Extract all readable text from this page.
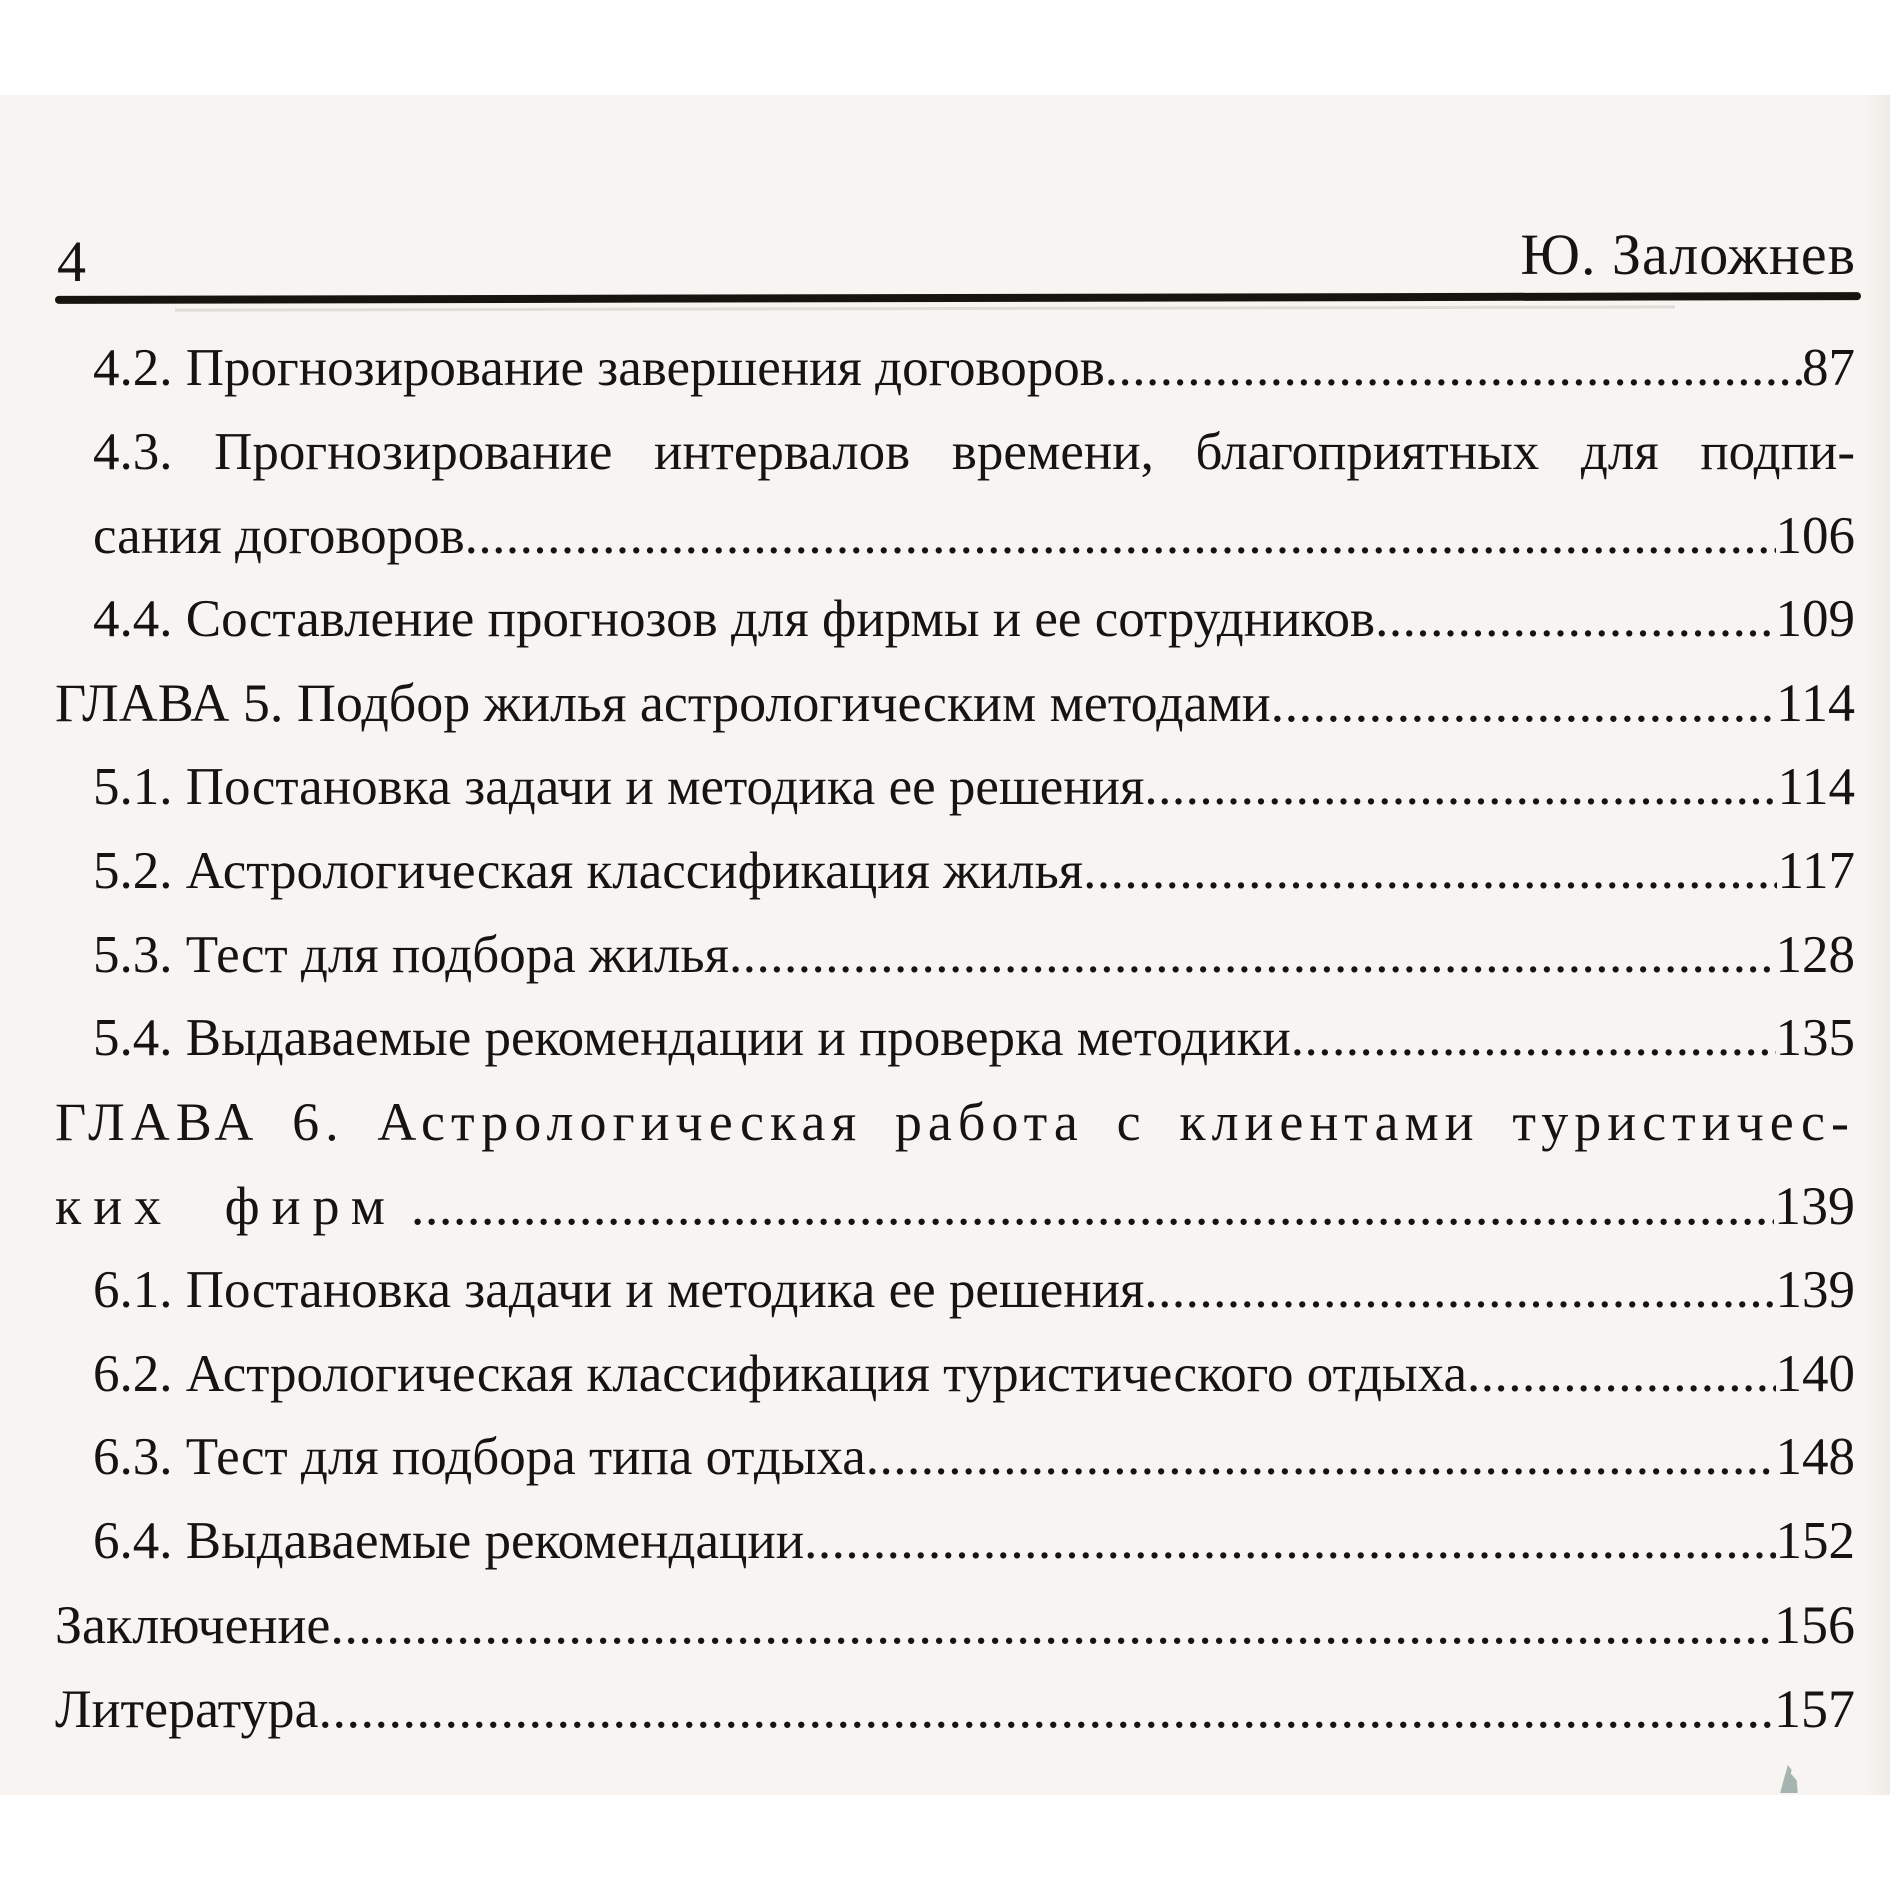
4	Ю. Заложнев
4.2. Прогнозирование завершения договоров .....	87
4.3. Прогнозирование интервалов времени, благоприятных для подпи-
сания договоров .....	106
4.4. Составление прогнозов для фирмы и ее сотрудников .....	109
ГЛАВА 5. Подбор жилья астрологическим методами .....	114
5.1. Постановка задачи и методика ее решения .....	114
5.2. Астрологическая классификация жилья .....	117
5.3. Тест для подбора жилья .....	128
5.4. Выдаваемые рекомендации и проверка методики .....	135
ГЛАВА 6. Астрологическая работа с клиентами туристичес-
ких фирм .....	139
6.1. Постановка задачи и методика ее решения .....	139
6.2. Астрологическая классификация туристического отдыха .....	140
6.3. Тест для подбора типа отдыха .....	148
6.4. Выдаваемые рекомендации .....	152
Заключение .....	156
Литература .....	157
